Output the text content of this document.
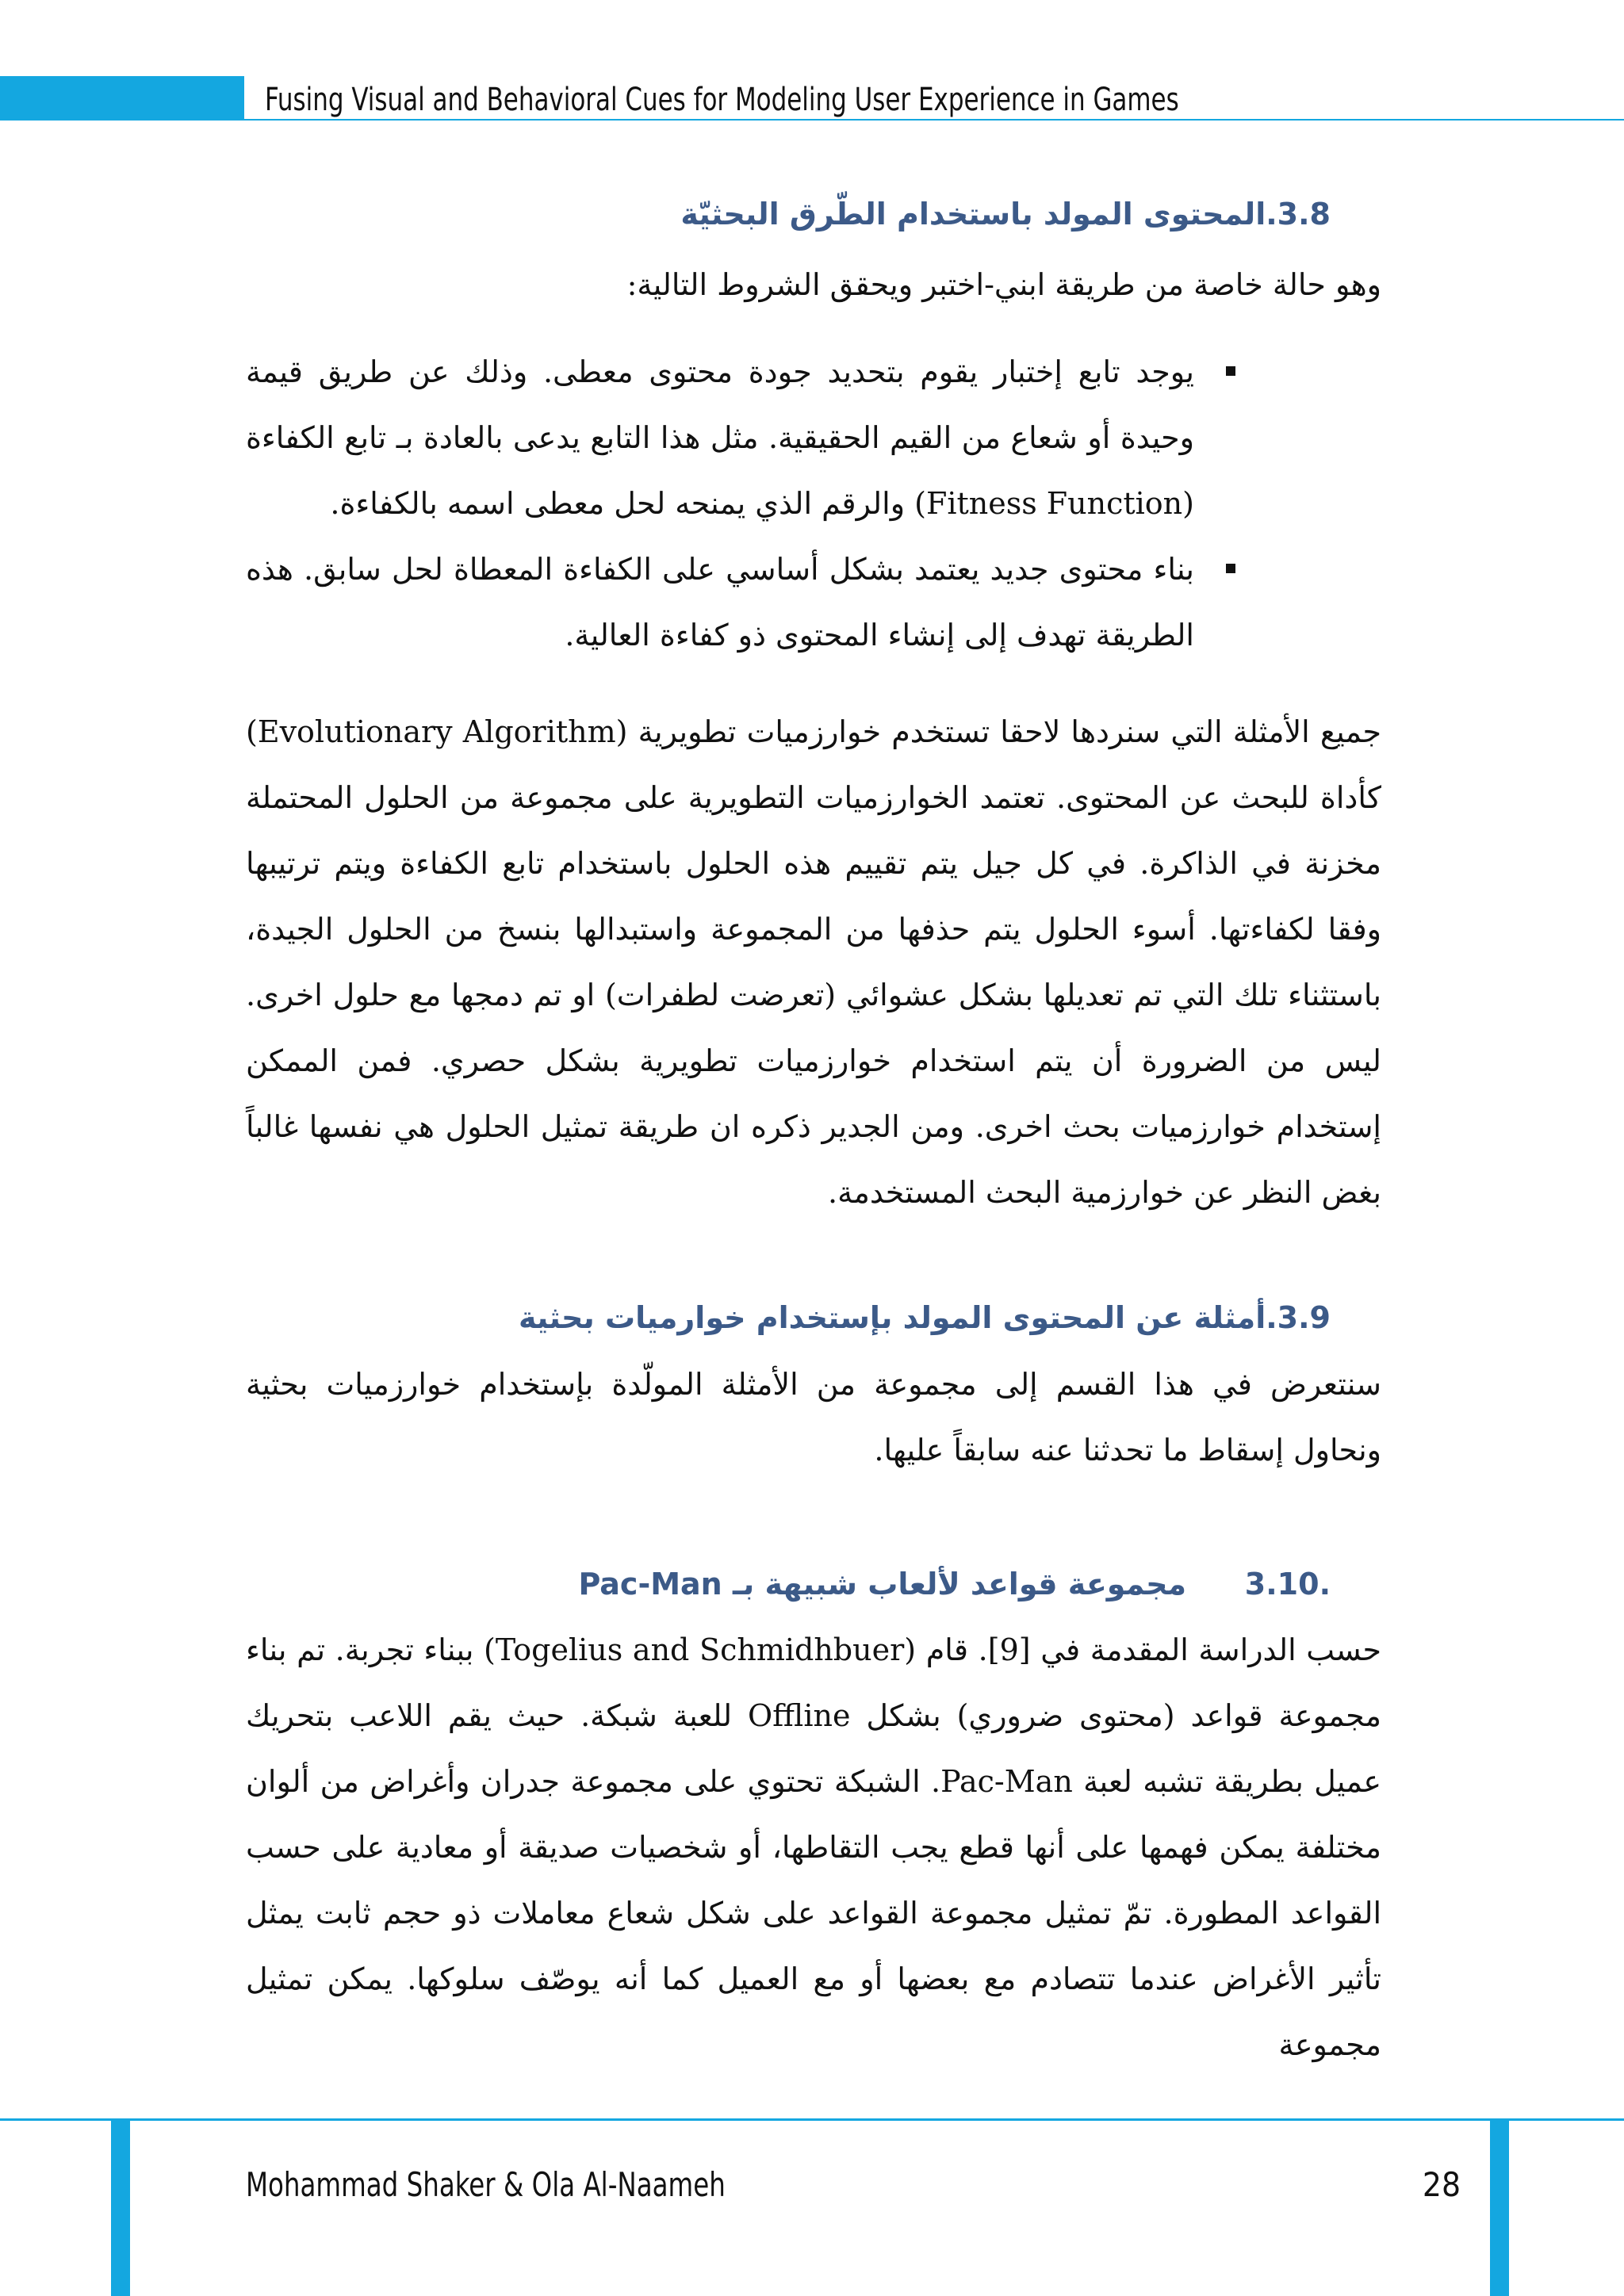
Fusing Visual and Behavioral Cues for Modeling User Experience in Games
3.8.المحتوى المولد باستخدام الطّرق البحثيّة

وهو حالة خاصة من طريقة ابني-اختبر ويحقق الشروط التالية:

يوجد تابع إختبار يقوم بتحديد جودة محتوى معطى. وذلك عن طريق قيمة وحيدة أو شعاع من القيم الحقيقية. مثل هذا التابع يدعى بالعادة بـ تابع الكفاءة (Fitness Function) والرقم الذي يمنحه لحل معطى اسمه بالكفاءة.
بناء محتوى جديد يعتمد بشكل أساسي على الكفاءة المعطاة لحل سابق. هذه الطريقة تهدف إلى إنشاء المحتوى ذو كفاءة العالية.

جميع الأمثلة التي سنردها لاحقا تستخدم خوارزميات تطويرية (Evolutionary Algorithm) كأداة للبحث عن المحتوى. تعتمد الخوارزميات التطويرية على مجموعة من الحلول المحتملة مخزنة في الذاكرة. في كل جيل يتم تقييم هذه الحلول باستخدام تابع الكفاءة ويتم ترتيبها وفقا لكفاءتها. أسوء الحلول يتم حذفها من المجموعة واستبدالها بنسخ من الحلول الجيدة، باستثناء تلك التي تم تعديلها بشكل عشوائي (تعرضت لطفرات) او تم دمجها مع حلول اخرى. ليس من الضرورة أن يتم استخدام خوارزميات تطويرية بشكل حصري. فمن الممكن إستخدام خوارزميات بحث اخرى. ومن الجدير ذكره ان طريقة تمثيل الحلول هي نفسها غالباً بغض النظر عن خوارزمية البحث المستخدمة.

3.9.أمثلة عن المحتوى المولد بإستخدام خوارميات بحثية

سنتعرض في هذا القسم إلى مجموعة من الأمثلة المولّدة بإستخدام خوارزميات بحثية ونحاول إسقاط ما تحدثنا عنه سابقاً عليها.

.3.10
مجموعة قواعد لألعاب شبيهة بـ Pac-Man

حسب الدراسة المقدمة في [9]. قام (Togelius and Schmidhbuer) ببناء تجربة. تم بناء مجموعة قواعد (محتوى ضروري) بشكل Offline للعبة شبكة. حيث يقم اللاعب بتحريك عميل بطريقة تشبه لعبة Pac-Man. الشبكة تحتوي على مجموعة جدران وأغراض من ألوان مختلفة يمكن فهمها على أنها قطع يجب التقاطها، أو شخصيات صديقة أو معادية على حسب القواعد المطورة. تمّ تمثيل مجموعة القواعد على شكل شعاع معاملات ذو حجم ثابت يمثل تأثير الأغراض عندما تتصادم مع بعضها أو مع العميل كما أنه يوصّف سلوكها. يمكن تمثيل مجموعة

Mohammad Shaker & Ola Al-Naameh	28
